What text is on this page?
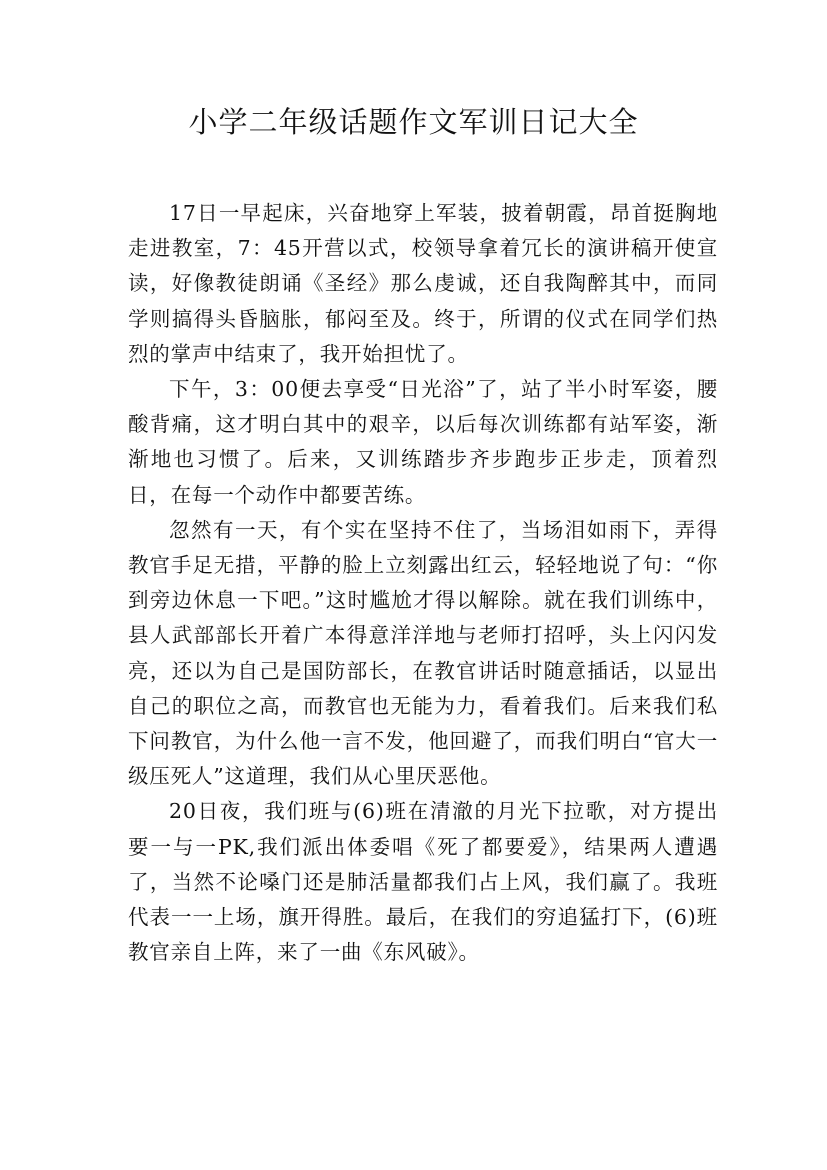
小学二年级话题作文军训日记大全

17日一早起床，兴奋地穿上军装，披着朝霞，昂首挺胸地走进教室，7：45开营以式，校领导拿着冗长的演讲稿开使宣读，好像教徒朗诵《圣经》那么虔诚，还自我陶醉其中，而同学则搞得头昏脑胀，郁闷至及。终于，所谓的仪式在同学们热烈的掌声中结束了，我开始担忧了。

下午，3：00便去享受“日光浴”了，站了半小时军姿，腰酸背痛，这才明白其中的艰辛，以后每次训练都有站军姿，渐渐地也习惯了。后来，又训练踏步齐步跑步正步走，顶着烈日，在每一个动作中都要苦练。

忽然有一天，有个实在坚持不住了，当场泪如雨下，弄得教官手足无措，平静的脸上立刻露出红云，轻轻地说了句：“你到旁边休息一下吧。”这时尴尬才得以解除。就在我们训练中，县人武部部长开着广本得意洋洋地与老师打招呼，头上闪闪发亮，还以为自己是国防部长，在教官讲话时随意插话，以显出自己的职位之高，而教官也无能为力，看着我们。后来我们私下问教官，为什么他一言不发，他回避了，而我们明白“官大一级压死人”这道理，我们从心里厌恶他。

20日夜，我们班与(6)班在清澈的月光下拉歌，对方提出要一与一PK,我们派出体委唱《死了都要爱》，结果两人遭遇了，当然不论嗓门还是肺活量都我们占上风，我们赢了。我班代表一一上场，旗开得胜。最后，在我们的穷追猛打下，(6)班教官亲自上阵，来了一曲《东风破》。
